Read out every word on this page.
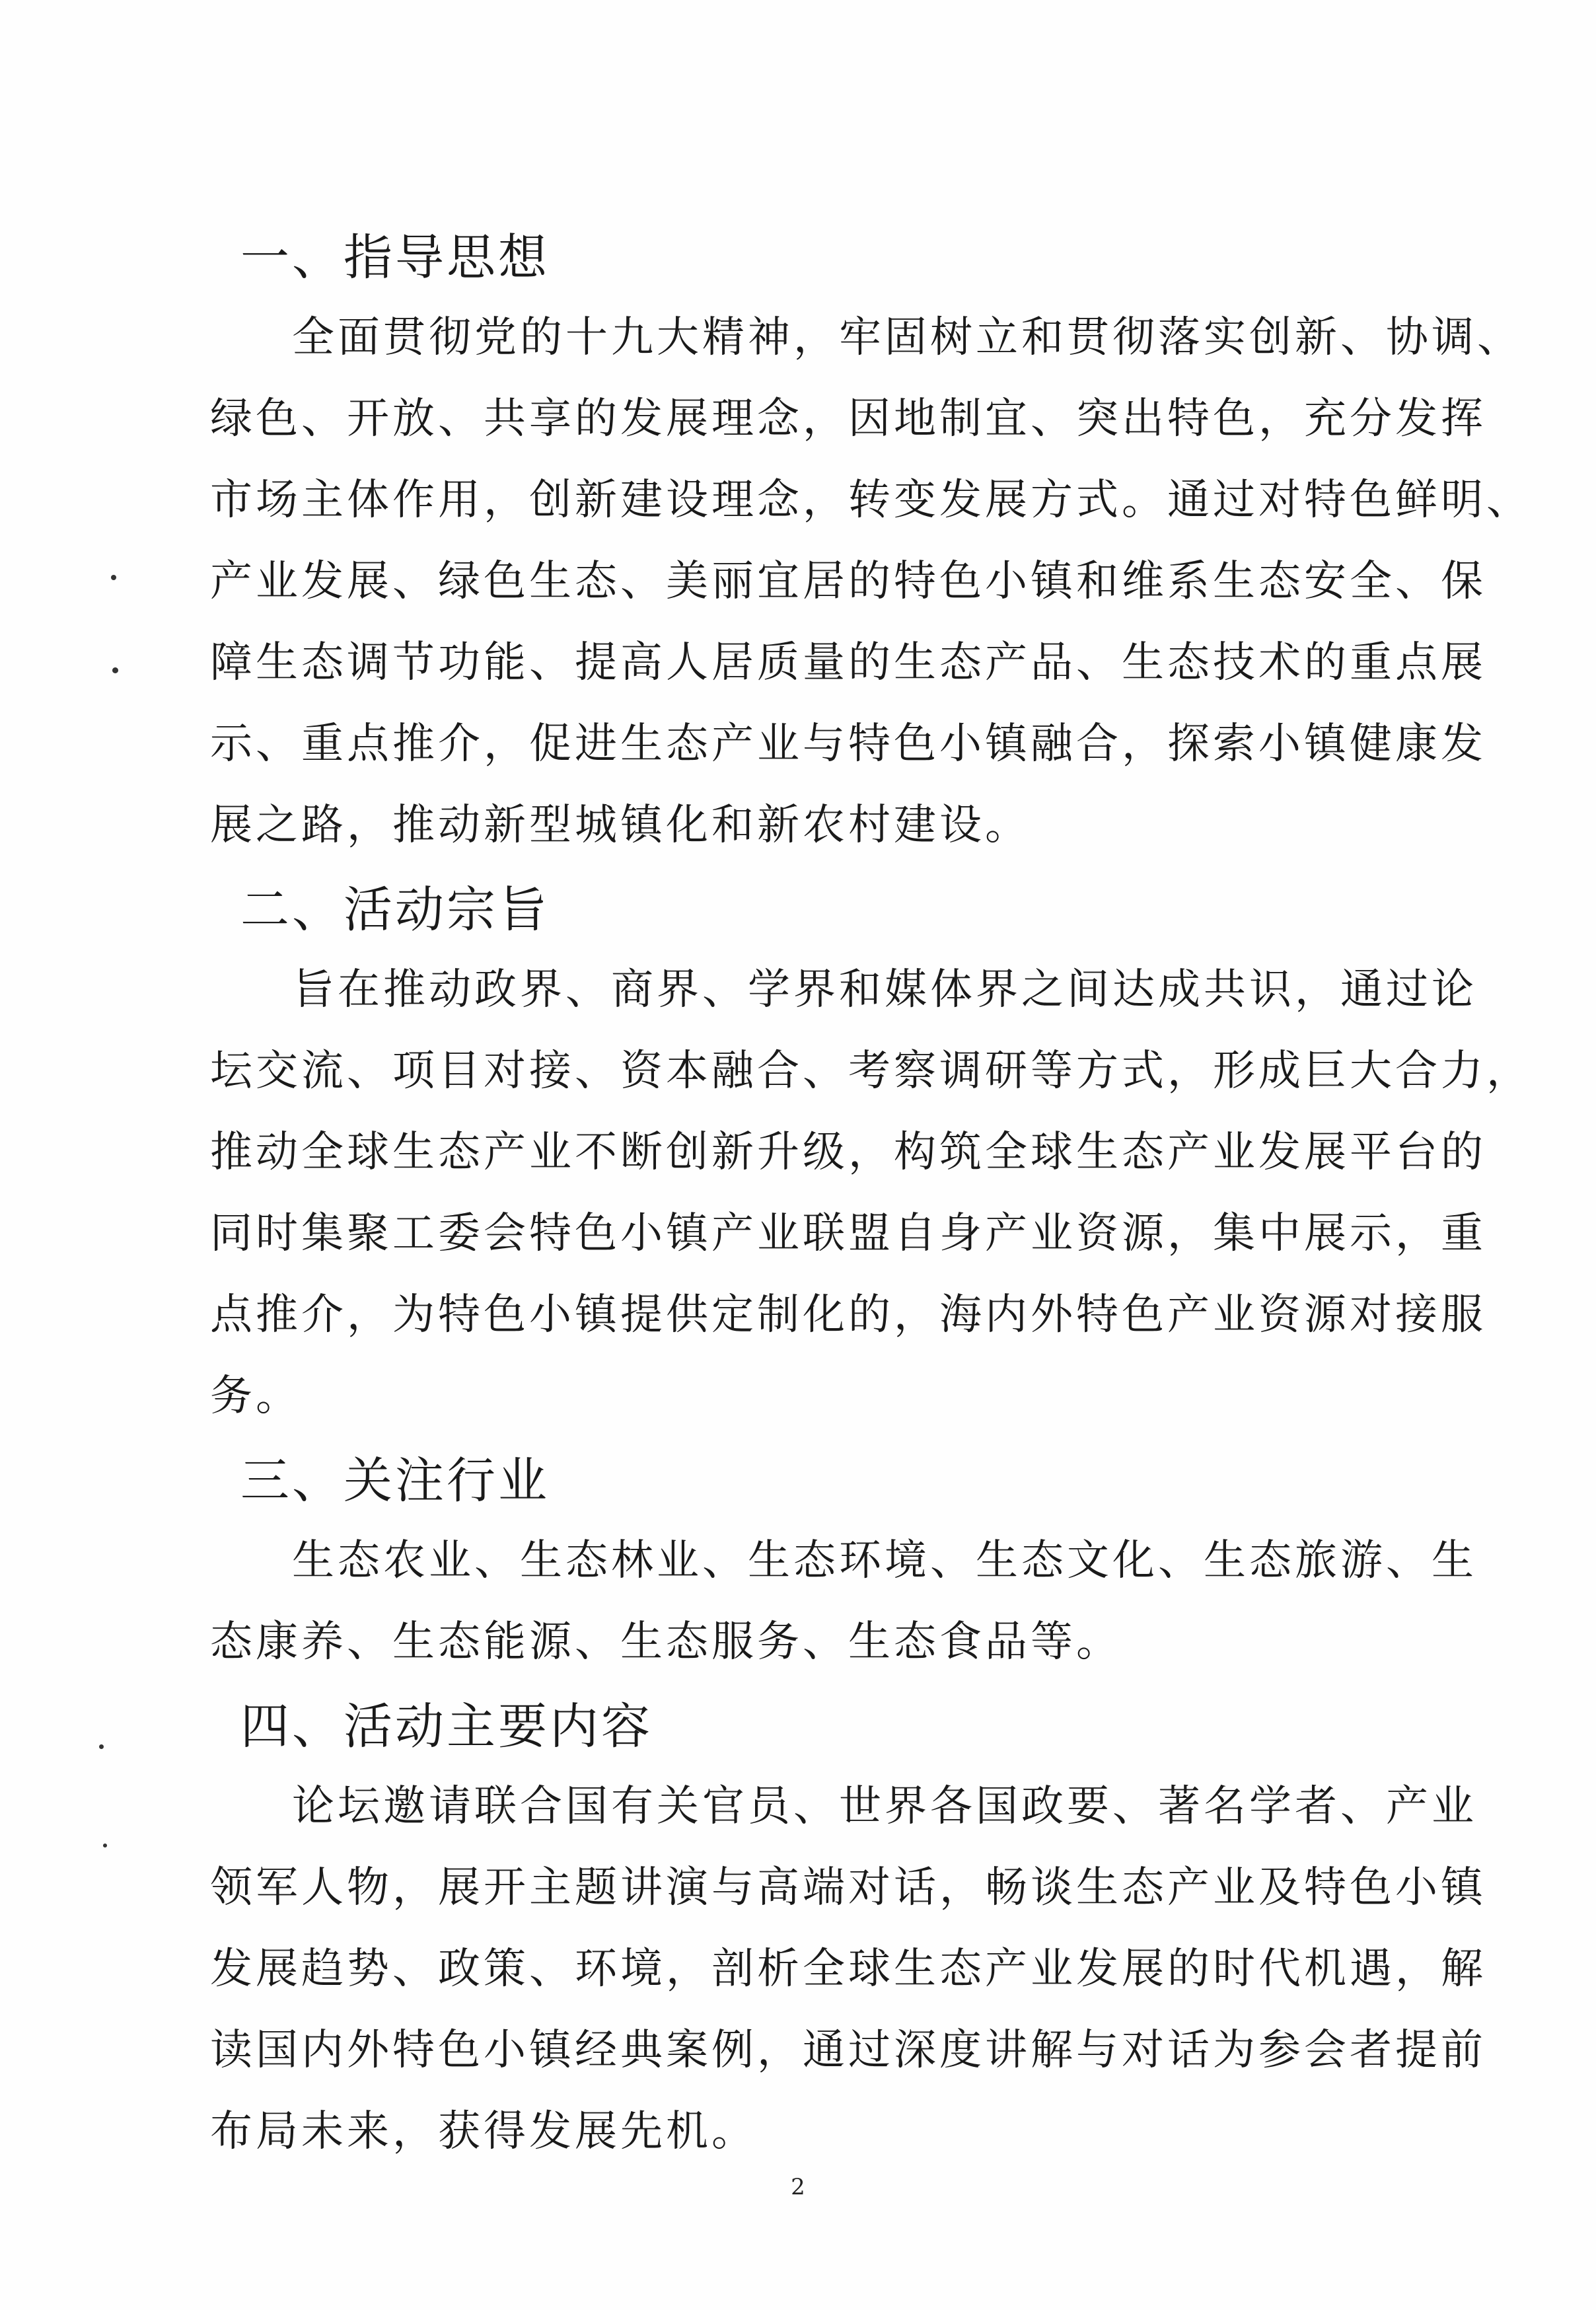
一、指导思想
全面贯彻党的十九大精神，牢固树立和贯彻落实创新、协调、
绿色、开放、共享的发展理念，因地制宜、突出特色，充分发挥
市场主体作用，创新建设理念，转变发展方式。通过对特色鲜明、
产业发展、绿色生态、美丽宜居的特色小镇和维系生态安全、保
障生态调节功能、提高人居质量的生态产品、生态技术的重点展
示、重点推介，促进生态产业与特色小镇融合，探索小镇健康发
展之路，推动新型城镇化和新农村建设。
二、活动宗旨
旨在推动政界、商界、学界和媒体界之间达成共识，通过论
坛交流、项目对接、资本融合、考察调研等方式，形成巨大合力，
推动全球生态产业不断创新升级，构筑全球生态产业发展平台的
同时集聚工委会特色小镇产业联盟自身产业资源，集中展示，重
点推介，为特色小镇提供定制化的，海内外特色产业资源对接服
务。
三、关注行业
生态农业、生态林业、生态环境、生态文化、生态旅游、生
态康养、生态能源、生态服务、生态食品等。
四、活动主要内容
论坛邀请联合国有关官员、世界各国政要、著名学者、产业
领军人物，展开主题讲演与高端对话，畅谈生态产业及特色小镇
发展趋势、政策、环境，剖析全球生态产业发展的时代机遇，解
读国内外特色小镇经典案例，通过深度讲解与对话为参会者提前
布局未来，获得发展先机。
2
